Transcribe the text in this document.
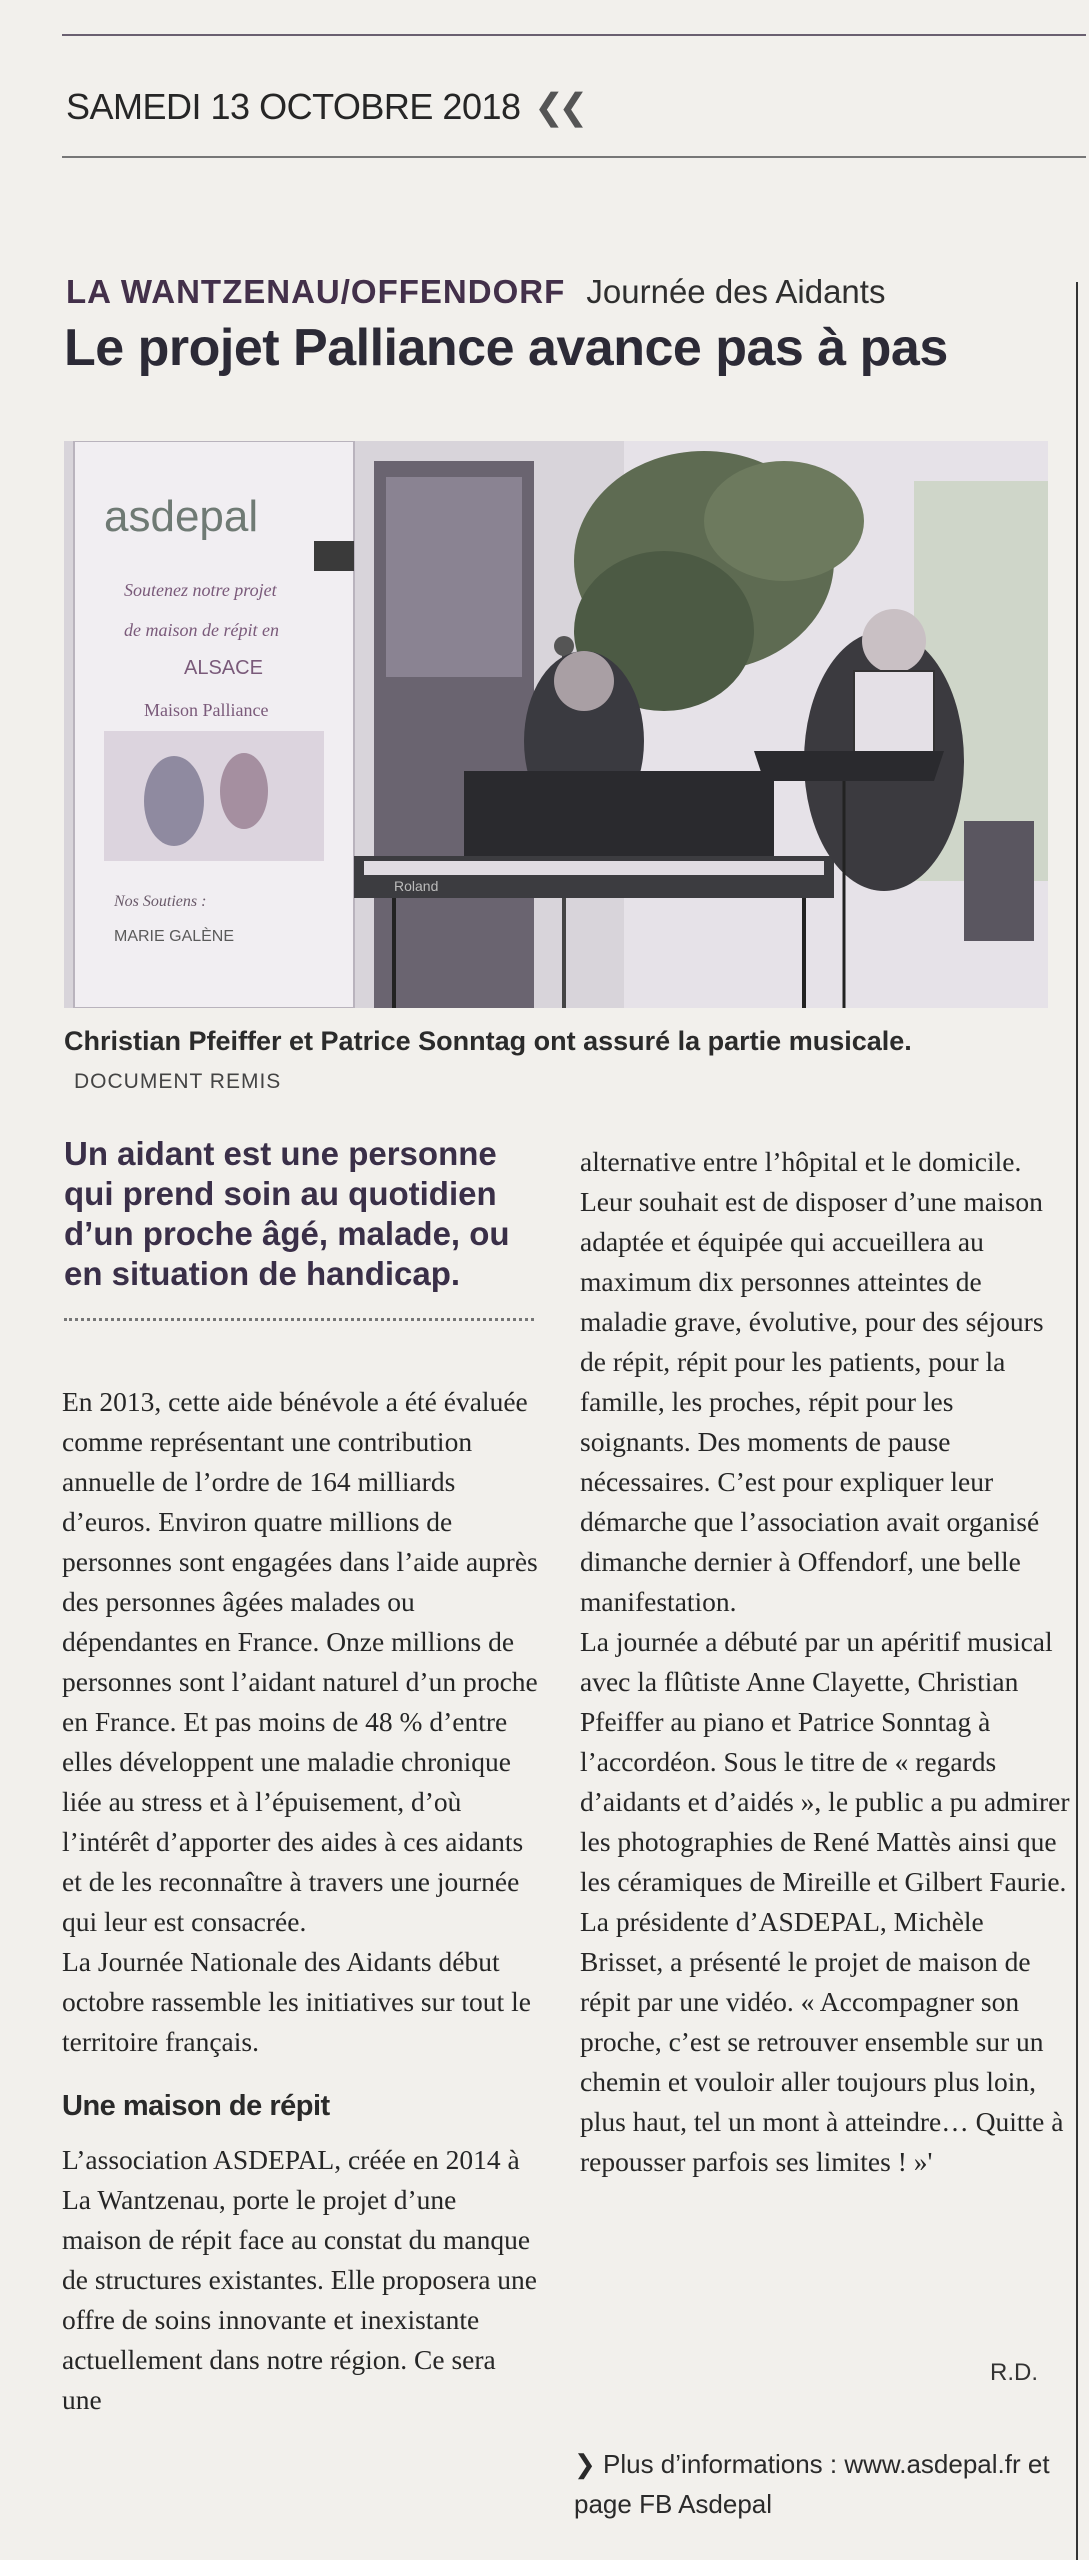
SAMEDI 13 OCTOBRE 2018 ❮❮
LA WANTZENAU/OFFENDORF Journée des Aidants
Le projet Palliance avance pas à pas
asdepal
Soutenez notre projet
de maison de répit en
ALSACE
Maison Palliance
Nos Soutiens :
MARIE GALÈNE
Roland
Christian Pfeiffer et Patrice Sonntag ont assuré la partie musicale. DOCUMENT REMIS
Un aidant est une personne qui prend soin au quotidien d’un proche âgé, malade, ou en situation de handicap.

En 2013, cette aide bénévole a été évaluée comme représentant une contribution annuelle de l’ordre de 164 milliards d’euros. Environ quatre millions de personnes sont engagées dans l’aide auprès des personnes âgées malades ou dépendantes en France. Onze millions de personnes sont l’aidant naturel d’un proche en France. Et pas moins de 48 % d’entre elles développent une maladie chronique liée au stress et à l’épuisement, d’où l’intérêt d’apporter des aides à ces aidants et de les reconnaître à travers une journée qui leur est consacrée.

La Journée Nationale des Aidants début octobre rassemble les initiatives sur tout le territoire français.

Une maison de répit

L’association ASDEPAL, créée en 2014 à La Wantzenau, porte le projet d’une maison de répit face au constat du manque de structures existantes. Elle proposera une offre de soins innovante et inexistante actuellement dans notre région. Ce sera une

alternative entre l’hôpital et le domicile. Leur souhait est de disposer d’une maison adaptée et équipée qui accueillera au maximum dix personnes atteintes de maladie grave, évolutive, pour des séjours de répit, répit pour les patients, pour la famille, les proches, répit pour les soignants. Des moments de pause nécessaires. C’est pour expliquer leur démarche que l’association avait organisé dimanche dernier à Offendorf, une belle manifestation.

La journée a débuté par un apéritif musical avec la flûtiste Anne Clayette, Christian Pfeiffer au piano et Patrice Sonntag à l’accordéon. Sous le titre de « regards d’aidants et d’aidés », le public a pu admirer les photographies de René Mattès ainsi que les céramiques de Mireille et Gilbert Faurie.

La présidente d’ASDEPAL, Michèle Brisset, a présenté le projet de maison de répit par une vidéo. « Accompagner son proche, c’est se retrouver ensemble sur un chemin et vouloir aller toujours plus loin, plus haut, tel un mont à atteindre… Quitte à repousser parfois ses limites ! »'

R.D.
❯ Plus d’informations : www.asdepal.fr et page FB Asdepal
